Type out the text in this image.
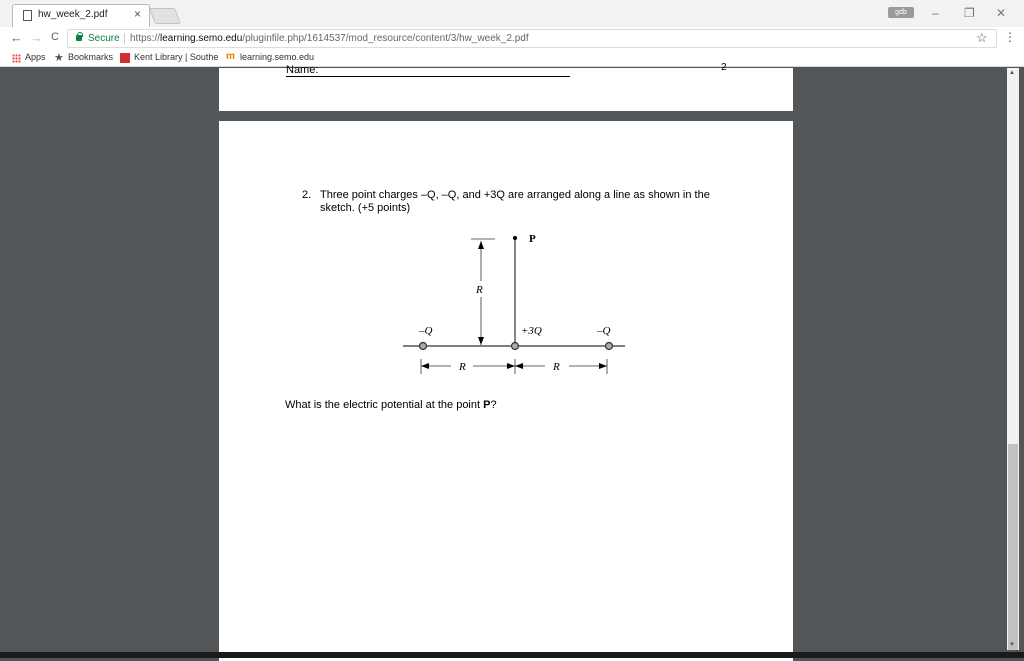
hw_week_2.pdf ×	gdb	– ❐ ✕
← → C	Secure https://learning.semo.edu/pluginfile.php/1614537/mod_resource/content/3/hw_week_2.pdf	☆ ⋮
Apps ★ Bookmarks Kent Library | Southe m learning.semo.edu
Name:	2
2. Three point charges –Q, –Q, and +3Q are arranged along a line as shown in the sketch. (+5 points)
P
R
–Q	+3Q	–Q
R	R
What is the electric potential at the point P?
▲
▼
